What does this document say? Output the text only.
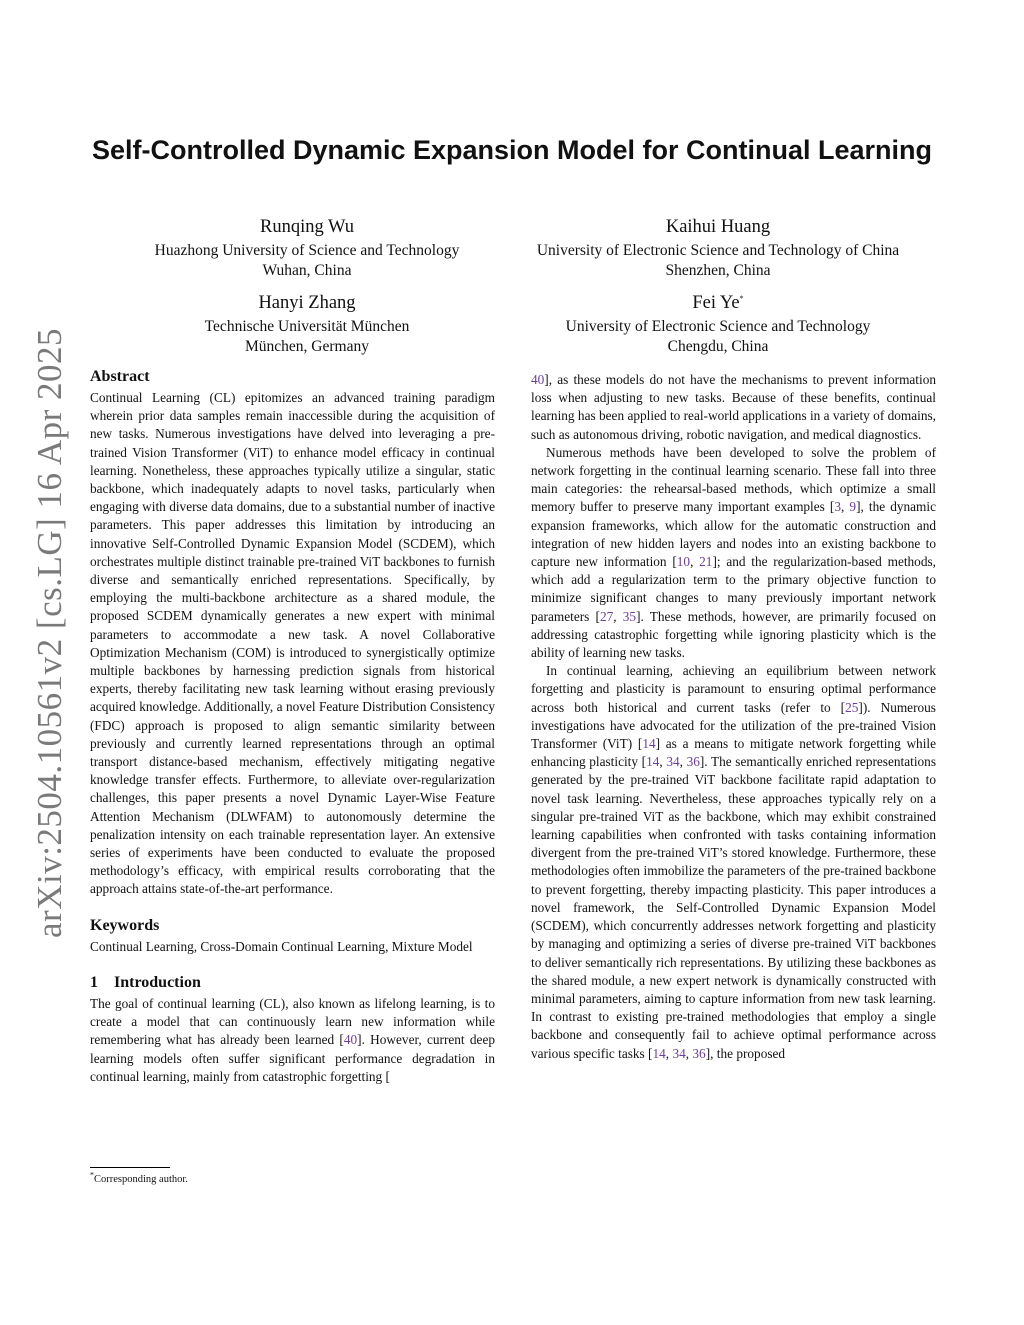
arXiv:2504.10561v2 [cs.LG] 16 Apr 2025
Self-Controlled Dynamic Expansion Model for Continual Learning
Runqing Wu
Huazhong University of Science and Technology
Wuhan, China
Kaihui Huang
University of Electronic Science and Technology of China
Shenzhen, China
Hanyi Zhang
Technische Universität München
München, Germany
Fei Ye*
University of Electronic Science and Technology
Chengdu, China
Abstract

Continual Learning (CL) epitomizes an advanced training paradigm wherein prior data samples remain inaccessible during the acquisition of new tasks. Numerous investigations have delved into leveraging a pre-trained Vision Transformer (ViT) to enhance model efficacy in continual learning. Nonetheless, these approaches typically utilize a singular, static backbone, which inadequately adapts to novel tasks, particularly when engaging with diverse data domains, due to a substantial number of inactive parameters. This paper addresses this limitation by introducing an innovative Self-Controlled Dynamic Expansion Model (SCDEM), which orchestrates multiple distinct trainable pre-trained ViT backbones to furnish diverse and semantically enriched representations. Specifically, by employing the multi-backbone architecture as a shared module, the proposed SCDEM dynamically generates a new expert with minimal parameters to accommodate a new task. A novel Collaborative Optimization Mechanism (COM) is introduced to synergistically optimize multiple backbones by harnessing prediction signals from historical experts, thereby facilitating new task learning without erasing previously acquired knowledge. Additionally, a novel Feature Distribution Consistency (FDC) approach is proposed to align semantic similarity between previously and currently learned representations through an optimal transport distance-based mechanism, effectively mitigating negative knowledge transfer effects. Furthermore, to alleviate over-regularization challenges, this paper presents a novel Dynamic Layer-Wise Feature Attention Mechanism (DLWFAM) to autonomously determine the penalization intensity on each trainable representation layer. An extensive series of experiments have been conducted to evaluate the proposed methodology’s efficacy, with empirical results corroborating that the approach attains state-of-the-art performance.

Keywords

Continual Learning, Cross-Domain Continual Learning, Mixture Model

1 Introduction

The goal of continual learning (CL), also known as lifelong learning, is to create a model that can continuously learn new information while remembering what has already been learned [40]. However, current deep learning models often suffer significant performance degradation in continual learning, mainly from catastrophic forgetting [

40], as these models do not have the mechanisms to prevent information loss when adjusting to new tasks. Because of these benefits, continual learning has been applied to real-world applications in a variety of domains, such as autonomous driving, robotic navigation, and medical diagnostics.

Numerous methods have been developed to solve the problem of network forgetting in the continual learning scenario. These fall into three main categories: the rehearsal-based methods, which optimize a small memory buffer to preserve many important examples [3, 9], the dynamic expansion frameworks, which allow for the automatic construction and integration of new hidden layers and nodes into an existing backbone to capture new information [10, 21]; and the regularization-based methods, which add a regularization term to the primary objective function to minimize significant changes to many previously important network parameters [27, 35]. These methods, however, are primarily focused on addressing catastrophic forgetting while ignoring plasticity which is the ability of learning new tasks.

In continual learning, achieving an equilibrium between network forgetting and plasticity is paramount to ensuring optimal performance across both historical and current tasks (refer to [25]). Numerous investigations have advocated for the utilization of the pre-trained Vision Transformer (ViT) [14] as a means to mitigate network forgetting while enhancing plasticity [14, 34, 36]. The semantically enriched representations generated by the pre-trained ViT backbone facilitate rapid adaptation to novel task learning. Nevertheless, these approaches typically rely on a singular pre-trained ViT as the backbone, which may exhibit constrained learning capabilities when confronted with tasks containing information divergent from the pre-trained ViT’s stored knowledge. Furthermore, these methodologies often immobilize the parameters of the pre-trained backbone to prevent forgetting, thereby impacting plasticity. This paper introduces a novel framework, the Self-Controlled Dynamic Expansion Model (SCDEM), which concurrently addresses network forgetting and plasticity by managing and optimizing a series of diverse pre-trained ViT backbones to deliver semantically rich representations. By utilizing these backbones as the shared module, a new expert network is dynamically constructed with minimal parameters, aiming to capture information from new task learning. In contrast to existing pre-trained methodologies that employ a single backbone and consequently fail to achieve optimal performance across various specific tasks [14, 34, 36], the proposed

*Corresponding author.
